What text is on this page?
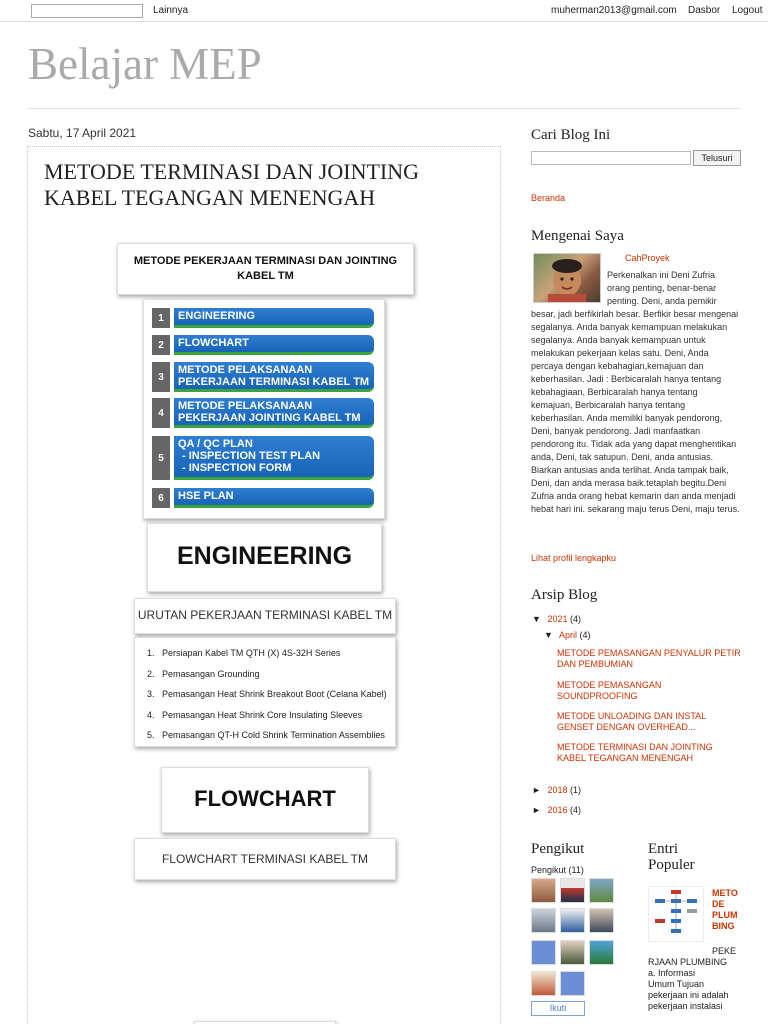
Lainnya	muherman2013@gmail.com Dasbor Logout
Belajar MEP
Sabtu, 17 April 2021
METODE TERMINASI DAN JOINTING KABEL TEGANGAN MENENGAH
METODE PEKERJAAN TERMINASI DAN JOINTING KABEL TM
1	ENGINEERING
2	FLOWCHART
3
METODE PELAKSANAAN PEKERJAAN TERMINASI KABEL TM
4
METODE PELAKSANAAN PEKERJAAN JOINTING KABEL TM
5
QA / QC PLAN
- INSPECTION TEST PLAN
- INSPECTION FORM
6	HSE PLAN
ENGINEERING
URUTAN PEKERJAAN TERMINASI KABEL TM
1. Persiapan Kabel TM QTH (X) 4S-32H Series
2. Pemasangan Grounding
3. Pemasangan Heat Shrink Breakout Boot (Celana Kabel)
4. Pemasangan Heat Shrink Core Insulating Sleeves
5. Pemasangan QT-H Cold Shrink Termination Assemblies
FLOWCHART
FLOWCHART TERMINASI KABEL TM
Cari Blog Ini
Telusuri
Beranda
Mengenai Saya
CahProyek
Perkenalkan ini Deni Zufria
orang penting, benar-benar
penting. Deni, anda pemikir
besar, jadi berfikirlah besar. Berfikir besar mengenai segalanya. Anda banyak kemampuan melakukan segalanya. Anda banyak kemampuan untuk melakukan pekerjaan kelas satu. Deni, Anda percaya dengan kebahagian,kemajuan dan keberhasilan. Jadi : Berbicaralah hanya tentang kebahagiaan, Berbicaralah hanya tentang kemajuan, Berbicaralah hanya tentang keberhasilan. Anda memiliki banyak pendorong, Deni, banyak pendorong. Jadi manfaatkan pendorong itu. Tidak ada yang dapat menghentikan anda, Deni, tak satupun. Deni, anda antusias. Biarkan antusias anda terlihat. Anda tampak baik, Deni, dan anda merasa baik.tetaplah begitu.Deni Zufria anda orang hebat kemarin dan anda menjadi hebat hari ini. sekarang maju terus Deni, maju terus.
Lihat profil lengkapku
Arsip Blog
▼ 2021 (4)
▼ April (4)
METODE PEMASANGAN PENYALUR PETIR DAN PEMBUMIAN
METODE PEMASANGAN SOUNDPROOFING
METODE UNLOADING DAN INSTAL GENSET DENGAN OVERHEAD...
METODE TERMINASI DAN JOINTING KABEL TEGANGAN MENENGAH
► 2018 (1)
► 2016 (4)
Pengikut
Pengikut (11)
Ikuti
Entri
Populer
METO
DE
PLUM
BING
PEKE
RJAAN PLUMBING
a. Informasi
Umum Tujuan
pekerjaan ini adalah
pekerjaan instalasi
